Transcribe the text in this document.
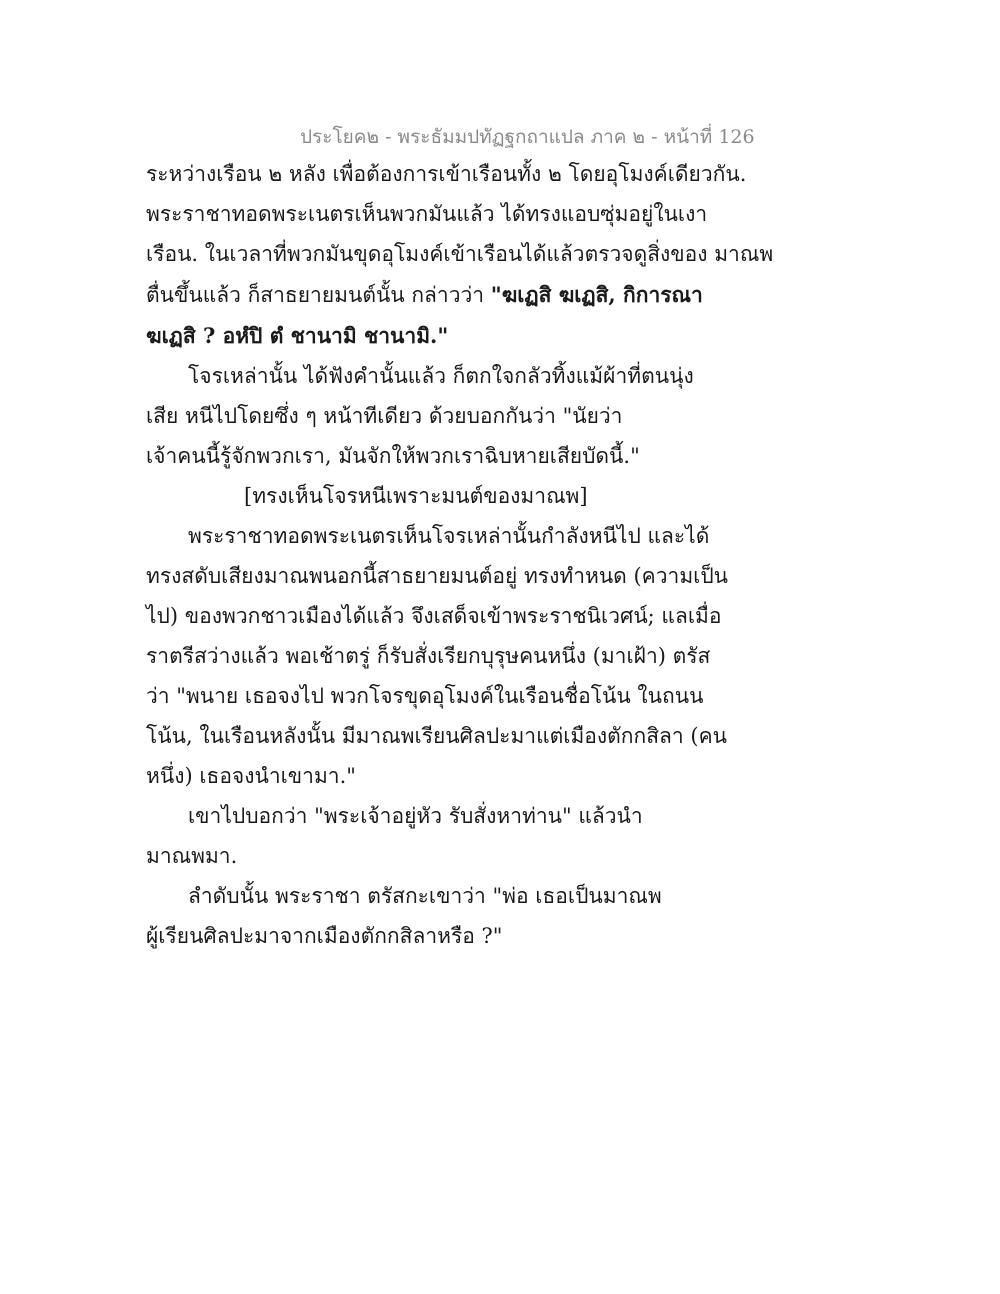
ประโยค๒ - พระธัมมปทัฏฐกถาแปล ภาค ๒ - หน้าที่ 126
ระหว่างเรือน ๒ หลัง เพื่อต้องการเข้าเรือนทั้ง ๒ โดยอุโมงค์เดียวกัน.
พระราชาทอดพระเนตรเห็นพวกมันแล้ว ได้ทรงแอบซุ่มอยู่ในเงา
เรือน. ในเวลาที่พวกมันขุดอุโมงค์เข้าเรือนได้แล้วตรวจดูสิ่งของ มาณพ
ตื่นขึ้นแล้ว ก็สาธยายมนต์นั้น กล่าวว่า "ฆเฏสิ ฆเฏสิ, กิการณา
ฆเฏสิ ? อหํปิ ตํ ชานามิ ชานามิ."
โจรเหล่านั้น ได้ฟังคำนั้นแล้ว ก็ตกใจกลัวทิ้งแม้ผ้าที่ตนนุ่ง
เสีย หนีไปโดยซึ่ง ๆ หน้าทีเดียว ด้วยบอกกันว่า "นัยว่า
เจ้าคนนี้รู้จักพวกเรา, มันจักให้พวกเราฉิบหายเสียบัดนี้."
[ทรงเห็นโจรหนีเพราะมนต์ของมาณพ]
พระราชาทอดพระเนตรเห็นโจรเหล่านั้นกำลังหนีไป และได้
ทรงสดับเสียงมาณพนอกนี้สาธยายมนต์อยู่ ทรงทำหนด (ความเป็น
ไป) ของพวกชาวเมืองได้แล้ว จึงเสด็จเข้าพระราชนิเวศน์; แลเมื่อ
ราตรีสว่างแล้ว พอเช้าตรู่ ก็รับสั่งเรียกบุรุษคนหนึ่ง (มาเฝ้า) ตรัส
ว่า "พนาย เธอจงไป พวกโจรขุดอุโมงค์ในเรือนชื่อโน้น ในถนน
โน้น, ในเรือนหลังนั้น มีมาณพเรียนศิลปะมาแต่เมืองตักกสิลา (คน
หนึ่ง) เธอจงนำเขามา."
เขาไปบอกว่า "พระเจ้าอยู่หัว รับสั่งหาท่าน" แล้วนำ
มาณพมา.
ลำดับนั้น พระราชา ตรัสกะเขาว่า "พ่อ เธอเป็นมาณพ
ผู้เรียนศิลปะมาจากเมืองตักกสิลาหรือ ?"
